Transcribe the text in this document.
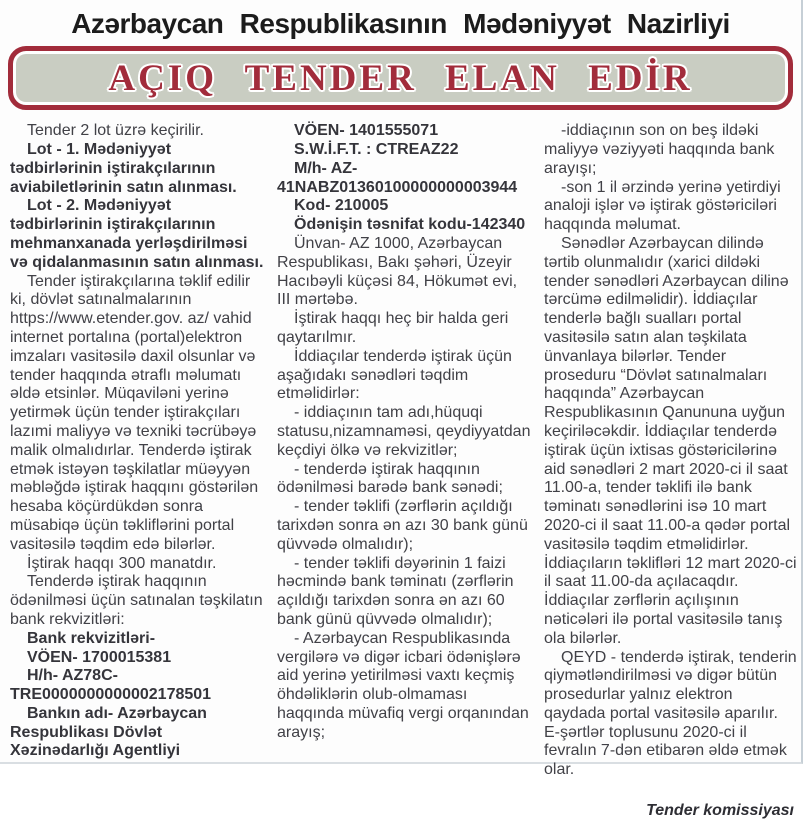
Azərbaycan Respublikasının Mədəniyyət Nazirliyi
AÇIQ TENDER ELAN EDİR

Tender 2 lot üzrə keçirilir.

Lot - 1. Mədəniyyət tədbirlərinin iştirakçılarının aviabiletlərinin satın alınması.

Lot - 2. Mədəniyyət tədbirlərinin iştirakçılarının mehmanxanada yerləşdirilməsi və qidalanmasının satın alınması.

Tender iştirakçılarına təklif edilir ki, dövlət satınalmalarının https://www.etender.gov. az/ vahid internet portalına (portal)elektron imzaları vasitəsilə daxil olsunlar və tender haqqında ətraflı məlumatı əldə etsinlər. Müqaviləni yerinə yetirmək üçün tender iştirakçıları lazımi maliyyə və texniki təcrübəyə malik olmalıdırlar. Tenderdə iştirak etmək istəyən təşkilatlar müəyyən məbləğdə iştirak haqqını göstərilən hesaba köçürdükdən sonra müsabiqə üçün təkliflərini portal vasitəsilə təqdim edə bilərlər.

İştirak haqqı 300 manatdır.

Tenderdə iştirak haqqının ödənilməsi üçün satınalan təşkilatın bank rekvizitləri:

Bank rekvizitləri-

VÖEN- 1700015381

H/h- AZ78C-TRE0000000000002178501

Bankın adı- Azərbaycan Respublikası Dövlət Xəzinədarlığı Agentliyi

VÖEN- 1401555071

S.W.İ.F.T. : CTREAZ22

M/h- AZ-41NABZ01360100000000003944

Kod- 210005

Ödənişin təsnifat kodu-142340

Ünvan- AZ 1000, Azərbaycan Respublikası, Bakı şəhəri, Üzeyir Hacıbəyli küçəsi 84, Hökumət evi, III mərtəbə.

İştirak haqqı heç bir halda geri qaytarılmır.

İddiaçılar tenderdə iştirak üçün aşağıdakı sənədləri təqdim etməlidirlər:

- iddiaçının tam adı,hüquqi statusu,nizamnaməsi, qeydiyyatdan keçdiyi ölkə və rekvizitlər;

- tenderdə iştirak haqqının ödənilməsi barədə bank sənədi;

- tender təklifi (zərflərin açıldığı tarixdən sonra ən azı 30 bank günü qüvvədə olmalıdır);

- tender təklifi dəyərinin 1 faizi həcmində bank təminatı (zərflərin açıldığı tarixdən sonra ən azı 60 bank günü qüvvədə olmalıdır);

- Azərbaycan Respublikasında vergilərə və digər icbari ödənişlərə aid yerinə yetirilməsi vaxtı keçmiş öhdəliklərin olub-olmaması haqqında müvafiq vergi orqanından arayış;

-iddiaçının son on beş ildəki maliyyə vəziyyəti haqqında bank arayışı;

-son 1 il ərzində yerinə yetirdiyi analoji işlər və iştirak göstəriciləri haqqında məlumat.

Sənədlər Azərbaycan dilində tərtib olunmalıdır (xarici dildəki tender sənədləri Azərbaycan dilinə tərcümə edilməlidir). İddiaçılar tenderlə bağlı sualları portal vasitəsilə satın alan təşkilata ünvanlaya bilərlər. Tender proseduru “Dövlət satınalmaları haqqında” Azərbaycan Respublikasının Qanununa uyğun keçiriləcəkdir. İddiaçılar tenderdə iştirak üçün ixtisas göstəricilərinə aid sənədləri 2 mart 2020-ci il saat 11.00-a, tender təklifi ilə bank təminatı sənədlərini isə 10 mart 2020-ci il saat 11.00-a qədər portal vasitəsilə təqdim etməlidirlər. İddiaçıların təklifləri 12 mart 2020-ci il saat 11.00-da açılacaqdır. İddiaçılar zərflərin açılışının nəticələri ilə portal vasitəsilə tanış ola bilərlər.

QEYD - tenderdə iştirak, tenderin qiymətləndirilməsi və digər bütün prosedurlar yalnız elektron qaydada portal vasitəsilə aparılır. E-şərtlər toplusunu 2020-ci il fevralın 7-dən etibarən əldə etmək olar.

Tender komissiyası
